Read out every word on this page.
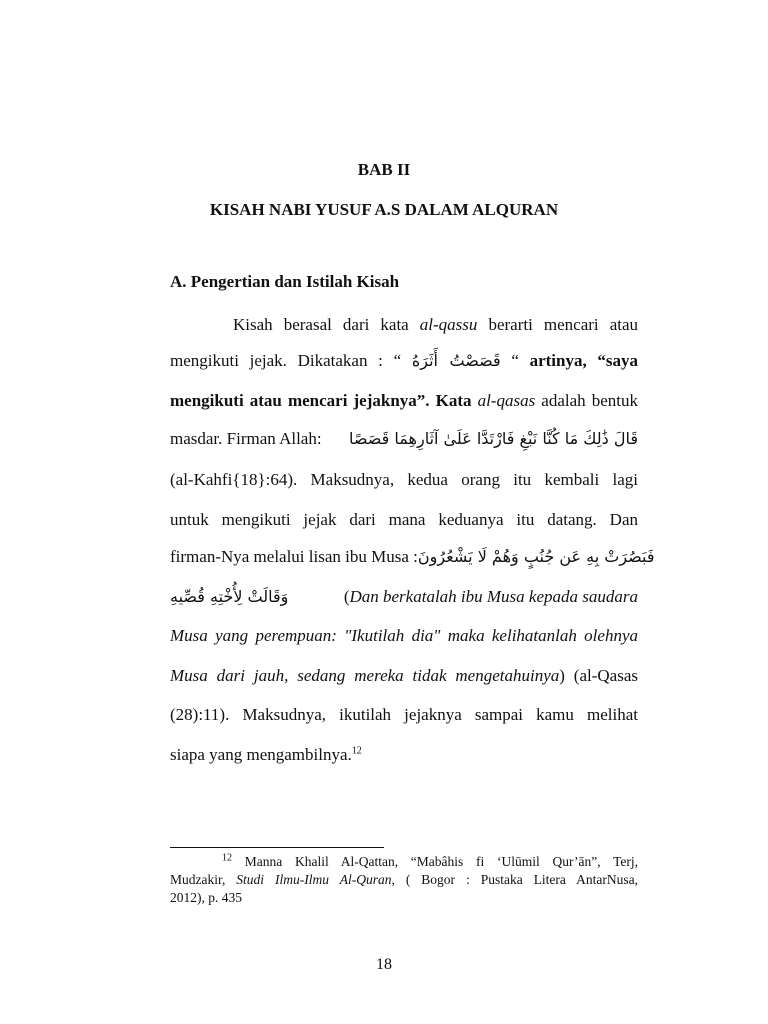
BAB II
KISAH NABI YUSUF A.S DALAM ALQURAN
A. Pengertian dan Istilah Kisah
Kisah berasal dari kata al-qassu berarti mencari atau
mengikuti jejak. Dikatakan : “ قَصَصْتُ أَثَرَهُ “ artinya, “saya
mengikuti atau mencari jejaknya”. Kata al-qasas adalah bentuk
masdar. Firman Allah: قَالَ ذَٰلِكَ مَا كُنَّا نَبْغِ فَارْتَدَّا عَلَىٰ آثَارِهِمَا قَصَصًا
(al-Kahfi{18}:64). Maksudnya, kedua orang itu kembali lagi
untuk mengikuti jejak dari mana keduanya itu datang. Dan
firman-Nya melalui lisan ibu Musa : فَبَصُرَتْ بِهِ عَن جُنُبٍ وَهُمْ لَا يَشْعُرُونَ
وَقَالَتْ لِأُخْتِهِ قُصِّيهِ	(Dan berkatalah ibu Musa kepada saudara
Musa yang perempuan: "Ikutilah dia" maka kelihatanlah olehnya
Musa dari jauh, sedang mereka tidak mengetahuinya) (al-Qasas
(28):11). Maksudnya, ikutilah jejaknya sampai kamu melihat
siapa yang mengambilnya.$^{12}$
$^{12}$ Manna Khalil Al-Qattan, “Mabâhis fi ‘Ulūmil Qur’ān”, Terj,
Mudzakir, Studi Ilmu-Ilmu Al-Quran, ( Bogor : Pustaka Litera AntarNusa,
2012), p. 435
18
